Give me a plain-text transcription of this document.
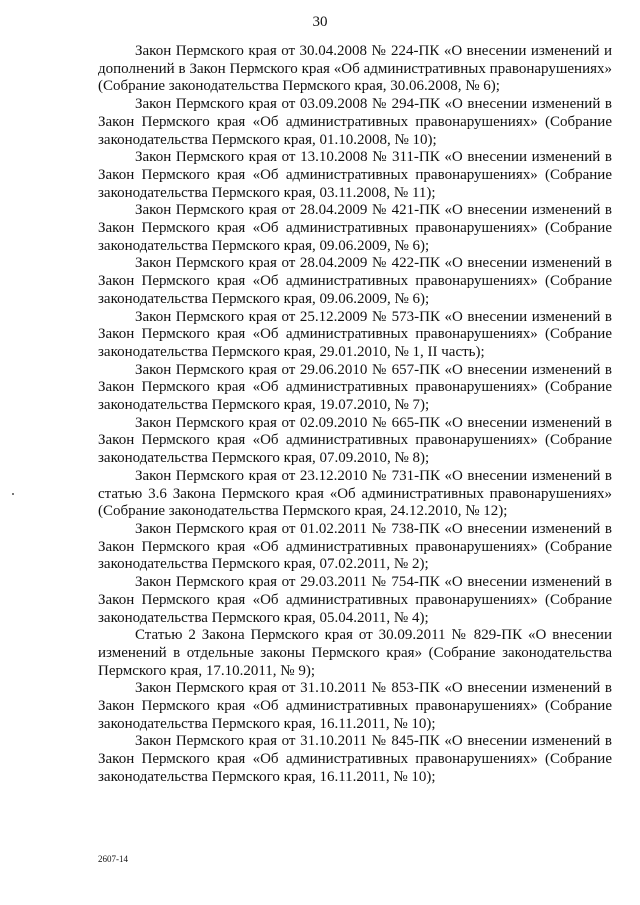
30

Закон Пермского края от 30.04.2008 № 224-ПК «О внесении изменений и дополнений в Закон Пермского края «Об административных правонарушениях» (Собрание законодательства Пермского края, 30.06.2008, № 6);

Закон Пермского края от 03.09.2008 № 294-ПК «О внесении изменений в Закон Пермского края «Об административных правонарушениях» (Собрание законодательства Пермского края, 01.10.2008, № 10);

Закон Пермского края от 13.10.2008 № 311-ПК «О внесении изменений в Закон Пермского края «Об административных правонарушениях» (Собрание законодательства Пермского края, 03.11.2008, № 11);

Закон Пермского края от 28.04.2009 № 421-ПК «О внесении изменений в Закон Пермского края «Об административных правонарушениях» (Собрание законодательства Пермского края, 09.06.2009, № 6);

Закон Пермского края от 28.04.2009 № 422-ПК «О внесении изменений в Закон Пермского края «Об административных правонарушениях» (Собрание законодательства Пермского края, 09.06.2009, № 6);

Закон Пермского края от 25.12.2009 № 573-ПК «О внесении изменений в Закон Пермского края «Об административных правонарушениях» (Собрание законодательства Пермского края, 29.01.2010, № 1, II часть);

Закон Пермского края от 29.06.2010 № 657-ПК «О внесении изменений в Закон Пермского края «Об административных правонарушениях» (Собрание законодательства Пермского края, 19.07.2010, № 7);

Закон Пермского края от 02.09.2010 № 665-ПК «О внесении изменений в Закон Пермского края «Об административных правонарушениях» (Собрание законодательства Пермского края, 07.09.2010, № 8);

Закон Пермского края от 23.12.2010 № 731-ПК «О внесении изменений в статью 3.6 Закона Пермского края «Об административных правонарушениях» (Собрание законодательства Пермского края, 24.12.2010, № 12);

Закон Пермского края от 01.02.2011 № 738-ПК «О внесении изменений в Закон Пермского края «Об административных правонарушениях» (Собрание законодательства Пермского края, 07.02.2011, № 2);

Закон Пермского края от 29.03.2011 № 754-ПК «О внесении изменений в Закон Пермского края «Об административных правонарушениях» (Собрание законодательства Пермского края, 05.04.2011, № 4);

Статью 2 Закона Пермского края от 30.09.2011 № 829-ПК «О внесении изменений в отдельные законы Пермского края» (Собрание законодательства Пермского края, 17.10.2011, № 9);

Закон Пермского края от 31.10.2011 № 853-ПК «О внесении изменений в Закон Пермского края «Об административных правонарушениях» (Собрание законодательства Пермского края, 16.11.2011, № 10);

Закон Пермского края от 31.10.2011 № 845-ПК «О внесении изменений в Закон Пермского края «Об административных правонарушениях» (Собрание законодательства Пермского края, 16.11.2011, № 10);

2607-14
